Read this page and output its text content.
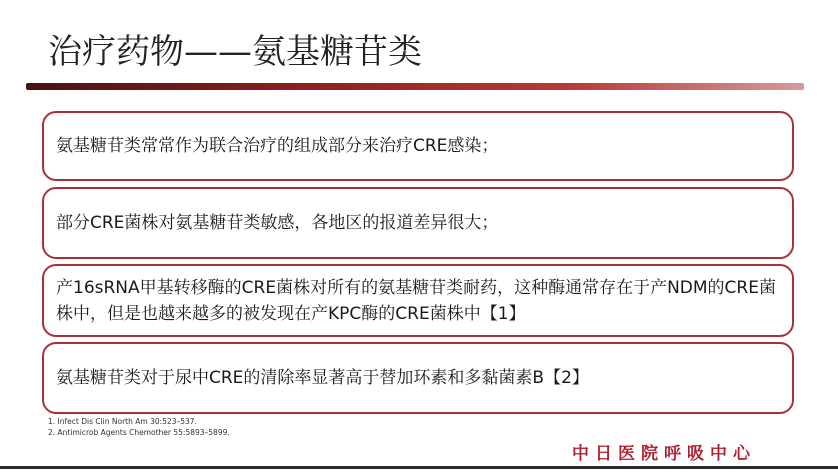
治疗药物——氨基糖苷类
氨基糖苷类常常作为联合治疗的组成部分来治疗CRE感染；
部分CRE菌株对氨基糖苷类敏感，各地区的报道差异很大；
产16sRNA甲基转移酶的CRE菌株对所有的氨基糖苷类耐药，这种酶通常存在于产NDM的CRE菌株中，但是也越来越多的被发现在产KPC酶的CRE菌株中【1】
氨基糖苷类对于尿中CRE的清除率显著高于替加环素和多黏菌素B【2】
1. Infect Dis Clin North Am 30:523–537.
2. Antimicrob Agents Chemother 55:5893–5899.
中日医院呼吸中心
